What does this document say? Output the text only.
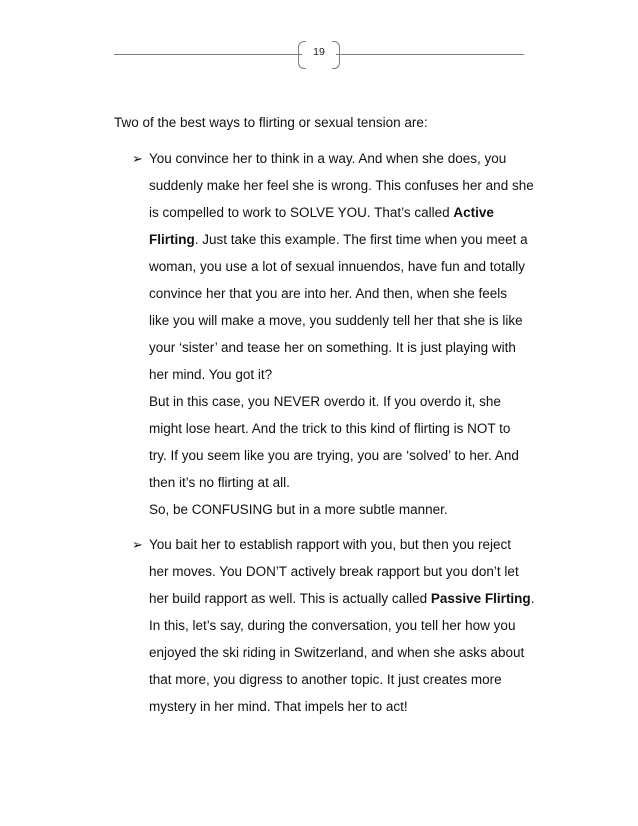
19
Two of the best ways to flirting or sexual tension are:
➢ You convince her to think in a way. And when she does, you
suddenly make her feel she is wrong. This confuses her and she
is compelled to work to SOLVE YOU. That’s called Active
Flirting. Just take this example. The first time when you meet a
woman, you use a lot of sexual innuendos, have fun and totally
convince her that you are into her. And then, when she feels
like you will make a move, you suddenly tell her that she is like
your ‘sister’ and tease her on something. It is just playing with
her mind. You got it?
But in this case, you NEVER overdo it. If you overdo it, she
might lose heart. And the trick to this kind of flirting is NOT to
try. If you seem like you are trying, you are ‘solved’ to her. And
then it’s no flirting at all.
So, be CONFUSING but in a more subtle manner.
➢ You bait her to establish rapport with you, but then you reject
her moves. You DON’T actively break rapport but you don’t let
her build rapport as well. This is actually called Passive Flirting.
In this, let’s say, during the conversation, you tell her how you
enjoyed the ski riding in Switzerland, and when she asks about
that more, you digress to another topic. It just creates more
mystery in her mind. That impels her to act!
